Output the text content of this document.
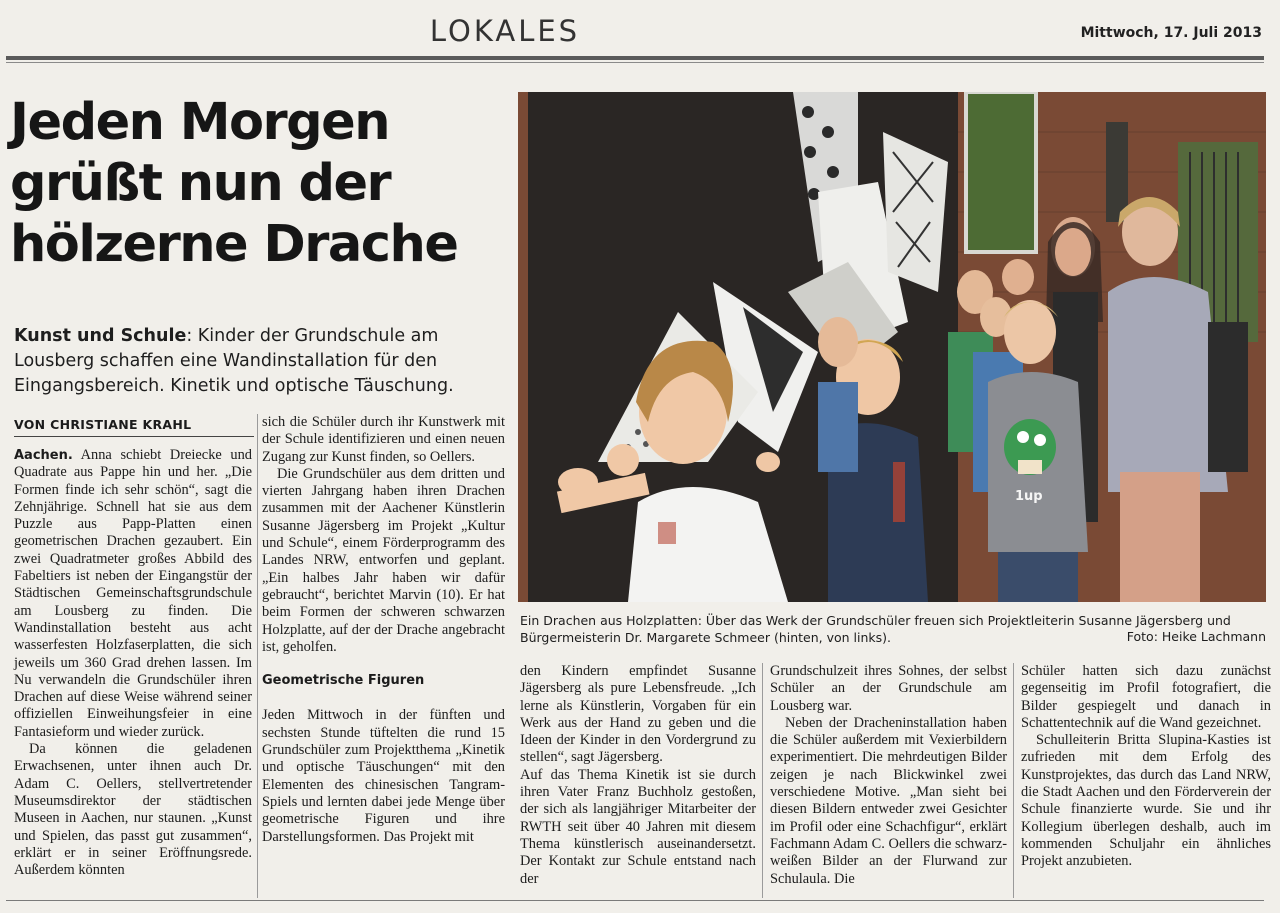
LOKALES	Mittwoch, 17. Juli 2013
Jeden Morgen
grüßt nun der
hölzerne Drache
Kunst und Schule: Kinder der Grundschule am Lousberg schaffen eine Wandinstallation für den Eingangsbereich. Kinetik und optische Täuschung.
1up
Ein Drachen aus Holzplatten: Über das Werk der Grundschüler freuen sich Projektleiterin Susanne Jägersberg und Bürgermeisterin Dr. Margarete Schmeer (hinten, von links).	Foto: Heike Lachmann
VON CHRISTIANE KRAHL

Aachen. Anna schiebt Dreiecke und Quadrate aus Pappe hin und her. „Die Formen finde ich sehr schön“, sagt die Zehnjährige. Schnell hat sie aus dem Puzzle aus Papp-Platten einen geometrischen Drachen gezaubert. Ein zwei Quadratmeter großes Abbild des Fabeltiers ist neben der Eingangstür der Städtischen Gemeinschaftsgrundschule am Lousberg zu finden. Die Wandinstallation besteht aus acht wasserfesten Holzfaserplatten, die sich jeweils um 360 Grad drehen lassen. Im Nu verwandeln die Grundschüler ihren Drachen auf diese Weise während seiner offiziellen Einweihungsfeier in eine Fantasieform und wieder zurück.

Da können die geladenen Erwachsenen, unter ihnen auch Dr. Adam C. Oellers, stellvertretender Museumsdirektor der städtischen Museen in Aachen, nur staunen. „Kunst und Spielen, das passt gut zusammen“, erklärt er in seiner Eröffnungsrede. Außerdem könnten

sich die Schüler durch ihr Kunstwerk mit der Schule identifizieren und einen neuen Zugang zur Kunst finden, so Oellers.

Die Grundschüler aus dem dritten und vierten Jahrgang haben ihren Drachen zusammen mit der Aachener Künstlerin Susanne Jägersberg im Projekt „Kultur und Schule“, einem Förderprogramm des Landes NRW, entworfen und geplant. „Ein halbes Jahr haben wir dafür gebraucht“, berichtet Marvin (10). Er hat beim Formen der schweren schwarzen Holzplatte, auf der der Drache angebracht ist, geholfen.

Geometrische Figuren

Jeden Mittwoch in der fünften und sechsten Stunde tüftelten die rund 15 Grundschüler zum Projektthema „Kinetik und optische Täuschungen“ mit den Elementen des chinesischen Tangram-Spiels und lernten dabei jede Menge über geometrische Figuren und ihre Darstellungsformen. Das Projekt mit

den Kindern empfindet Susanne Jägersberg als pure Lebensfreude. „Ich lerne als Künstlerin, Vorgaben für ein Werk aus der Hand zu geben und die Ideen der Kinder in den Vordergrund zu stellen“, sagt Jägersberg.

Auf das Thema Kinetik ist sie durch ihren Vater Franz Buchholz gestoßen, der sich als langjähriger Mitarbeiter der RWTH seit über 40 Jahren mit diesem Thema künstlerisch auseinandersetzt. Der Kontakt zur Schule entstand nach der

Grundschulzeit ihres Sohnes, der selbst Schüler an der Grundschule am Lousberg war.

Neben der Dracheninstallation haben die Schüler außerdem mit Vexierbildern experimentiert. Die mehrdeutigen Bilder zeigen je nach Blickwinkel zwei verschiedene Motive. „Man sieht bei diesen Bildern entweder zwei Gesichter im Profil oder eine Schachfigur“, erklärt Fachmann Adam C. Oellers die schwarz-weißen Bilder an der Flurwand zur Schulaula. Die

Schüler hatten sich dazu zunächst gegenseitig im Profil fotografiert, die Bilder gespiegelt und danach in Schattentechnik auf die Wand gezeichnet.

Schulleiterin Britta Slupina-Kasties ist zufrieden mit dem Erfolg des Kunstprojektes, das durch das Land NRW, die Stadt Aachen und den Förderverein der Schule finanzierte wurde. Sie und ihr Kollegium überlegen deshalb, auch im kommenden Schuljahr ein ähnliches Projekt anzubieten.
